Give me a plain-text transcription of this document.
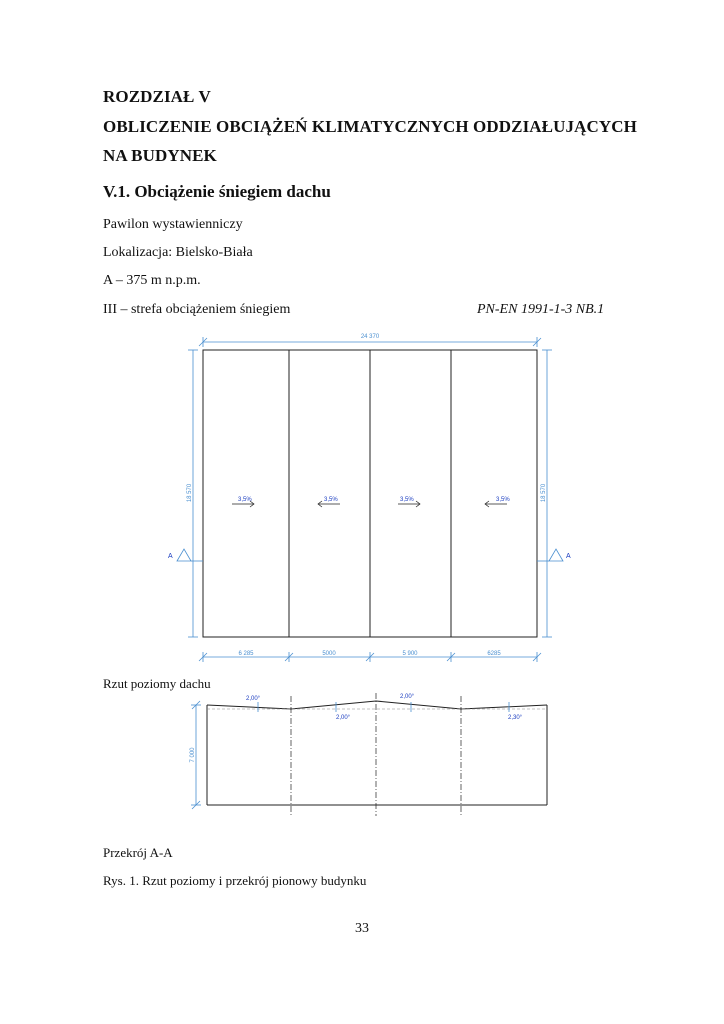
ROZDZIAŁ V
OBLICZENIE OBCIĄŻEŃ KLIMATYCZNYCH ODDZIAŁUJĄCYCH
NA BUDYNEK
V.1. Obciążenie śniegiem dachu
Pawilon wystawienniczy
Lokalizacja: Bielsko-Biała
A – 375 m n.p.m.
III – strefa obciążeniem śniegiem	PN-EN 1991-1-3 NB.1
24 370
18 570	18 570
3,5%	3,5%	3,5%	3,5%
A	A
6 285	5000	5 900	6285
Rzut poziomy dachu
7 000
2,00°	2,00°
2,00°	2,30°
Przekrój A-A
Rys. 1. Rzut poziomy i przekrój pionowy budynku
33
